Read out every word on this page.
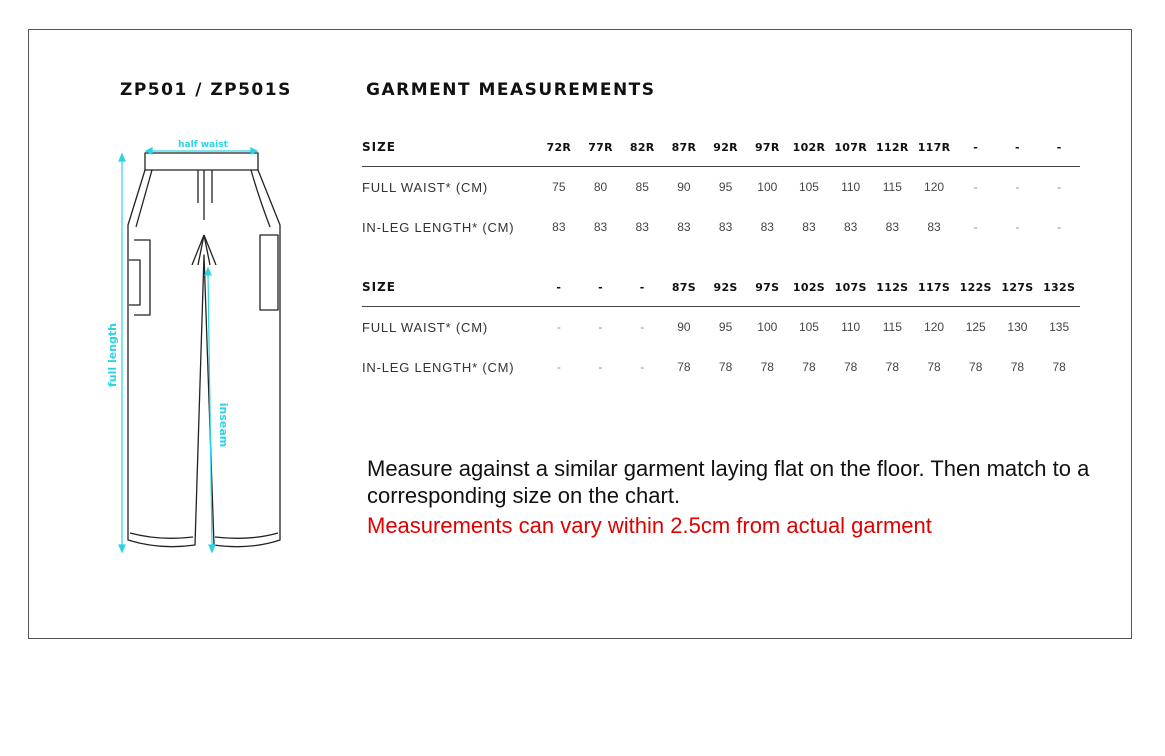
ZP501 / ZP501S	GARMENT MEASUREMENTS
half waist
full length
inseam
SIZE	72R	77R	82R	87R	92R	97R	102R	107R	112R	117R	-	-	-
FULL WAIST* (CM)	75	80	85	90	95	100	105	110	115	120	-	-	-
IN-LEG LENGTH* (CM)	83	83	83	83	83	83	83	83	83	83	-	-	-
SIZE	-	-	-	87S	92S	97S	102S	107S	112S	117S	122S	127S	132S
FULL WAIST* (CM)	-	-	-	90	95	100	105	110	115	120	125	130	135
IN-LEG LENGTH* (CM)	-	-	-	78	78	78	78	78	78	78	78	78	78
Measure against a similar garment laying flat on the floor. Then match to a corresponding size on the chart.
Measurements can vary within 2.5cm from actual garment
